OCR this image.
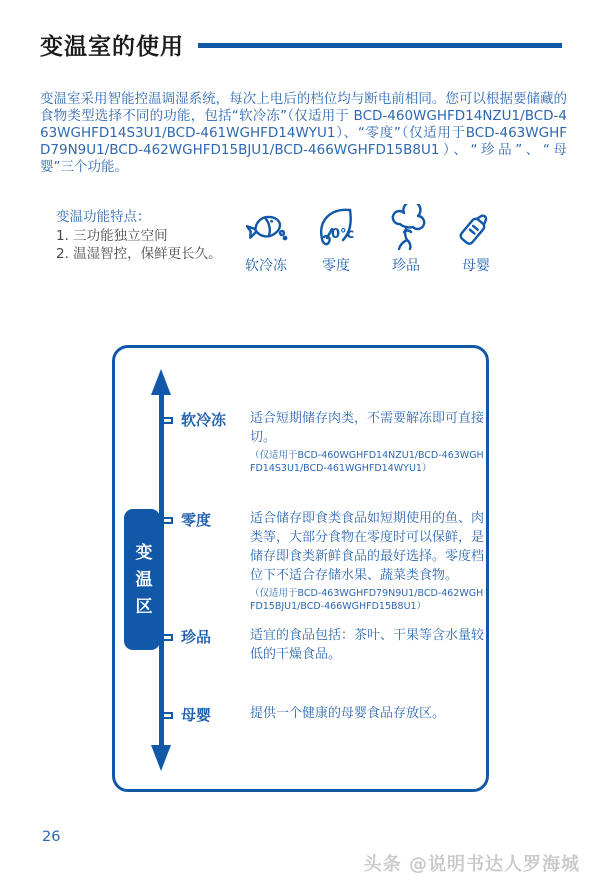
变温室的使用

变温室采用智能控温调湿系统，每次上电后的档位均与断电前相同。您可以根据要储藏的食物类型选择不同的功能，包括“软冷冻”（仅适用于 BCD-460WGHFD14NZU1/BCD-463WGHFD14S3U1/BCD-461WGHFD14WYU1）、“零度”（仅适用于BCD-463WGHFD79N9U1/BCD-462WGHFD15BJU1/BCD-466WGHFD15B8U1）、“珍品”、“母婴”三个功能。

变温功能特点：
1. 三功能独立空间
2. 温湿智控，保鲜更长久。
软冷冻
0°c
零度	珍品	母婴
变温区
软冷冻 适合短期储存肉类，不需要解冻即可直接切。
（仅适用于BCD-460WGHFD14NZU1/BCD-463WGHFD14S3U1/BCD-461WGHFD14WYU1）
零度	适合储存即食类食品如短期使用的鱼、肉类等，大部分食物在零度时可以保鲜，是储存即食类新鲜食品的最好选择。零度档位下不适合存储水果、蔬菜类食物。
（仅适用于BCD-463WGHFD79N9U1/BCD-462WGHFD15BJU1/BCD-466WGHFD15B8U1）
珍品	适宜的食品包括：茶叶、干果等含水量较低的干燥食品。
母婴	提供一个健康的母婴食品存放区。
26
头条 @说明书达人罗海城
